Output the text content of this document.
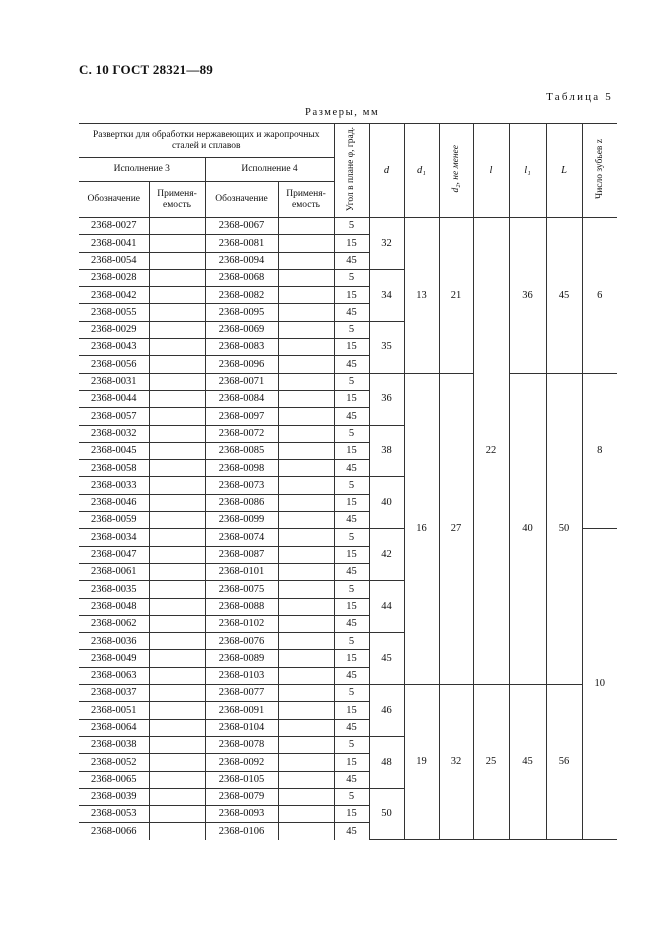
С. 10 ГОСТ 28321—89
Таблица 5
Размеры, мм
Развертки для обработки нержавеющих и жаропрочных сталей и сплавов				Угол в плане φ, град.	d	d₁	d₂, не менее	l	l₁	L	Число зубьев z
Исполнение 3		Исполнение 4									
Обозначение	Применя-емость	Обозначение	Применя-емость								
2368-0027		2368-0067		5	32	13	21	22	36	45	6
2368-0041		2368-0081		15							
2368-0054		2368-0094		45							
2368-0028		2368-0068		5	34						
2368-0042		2368-0082		15							
2368-0055		2368-0095		45							
2368-0029		2368-0069		5	35						
2368-0043		2368-0083		15							
2368-0056		2368-0096		45							
2368-0031		2368-0071		5	36	16	27		40	50	8
2368-0044		2368-0084		15							
2368-0057		2368-0097		45							
2368-0032		2368-0072		5	38						
2368-0045		2368-0085		15							
2368-0058		2368-0098		45							
2368-0033		2368-0073		5	40						
2368-0046		2368-0086		15							
2368-0059		2368-0099		45							
2368-0034		2368-0074		5	42						10
2368-0047		2368-0087		15							
2368-0061		2368-0101		45							
2368-0035		2368-0075		5	44						
2368-0048		2368-0088		15							
2368-0062		2368-0102		45							
2368-0036		2368-0076		5	45						
2368-0049		2368-0089		15							
2368-0063		2368-0103		45							
2368-0037		2368-0077		5	46	19	32	25	45	56	
2368-0051		2368-0091		15							
2368-0064		2368-0104		45							
2368-0038		2368-0078		5	48						
2368-0052		2368-0092		15							
2368-0065		2368-0105		45							
2368-0039		2368-0079		5	50						
2368-0053		2368-0093		15							
2368-0066		2368-0106		45							
